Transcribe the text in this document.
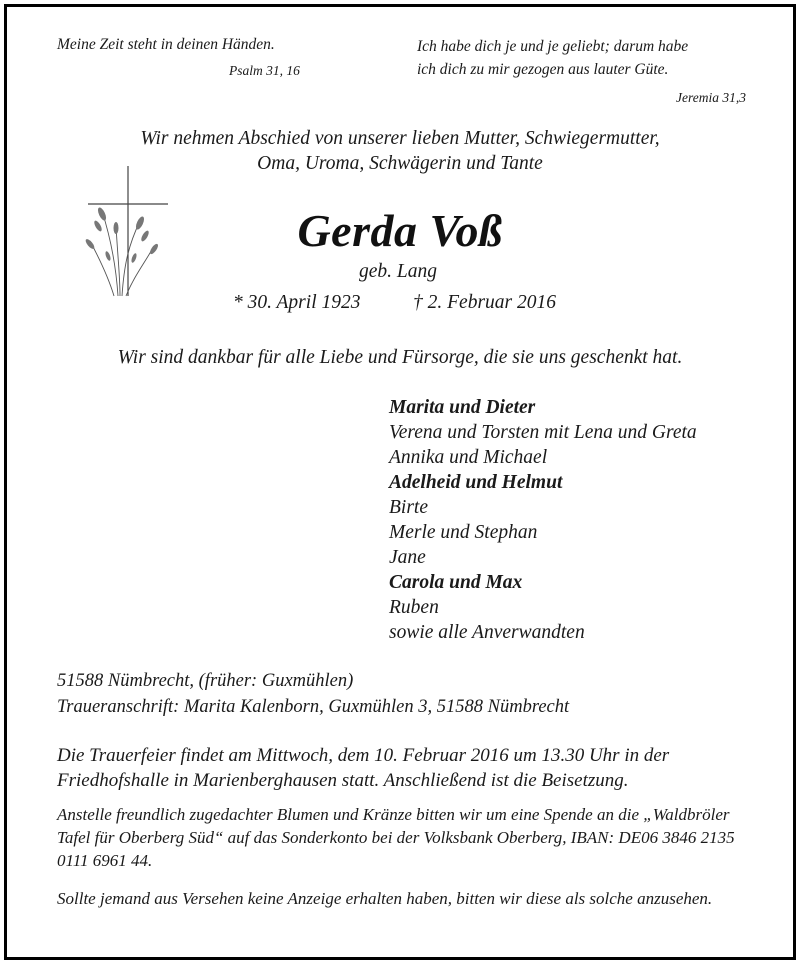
Meine Zeit steht in deinen Händen.
Psalm 31, 16
Ich habe dich je und je geliebt; darum habe
ich dich zu mir gezogen aus lauter Güte.
Jeremia 31,3
Wir nehmen Abschied von unserer lieben Mutter, Schwiegermutter,
Oma, Uroma, Schwägerin und Tante
Gerda Voß
geb. Lang
* 30. April 1923	† 2. Februar 2016
Wir sind dankbar für alle Liebe und Fürsorge, die sie uns geschenkt hat.
Marita und Dieter
Verena und Torsten mit Lena und Greta
Annika und Michael
Adelheid und Helmut
Birte
Merle und Stephan
Jane
Carola und Max
Ruben
sowie alle Anverwandten
51588 Nümbrecht, (früher: Guxmühlen)
Traueranschrift: Marita Kalenborn, Guxmühlen 3, 51588 Nümbrecht
Die Trauerfeier findet am Mittwoch, dem 10. Februar 2016 um 13.30 Uhr in der Friedhofshalle in Marienberghausen statt. Anschließend ist die Beisetzung.
Anstelle freundlich zugedachter Blumen und Kränze bitten wir um eine Spende an die „Waldbröler Tafel für Oberberg Süd“ auf das Sonderkonto bei der Volksbank Oberberg, IBAN: DE06 3846 2135 0111 6961 44.
Sollte jemand aus Versehen keine Anzeige erhalten haben, bitten wir diese als solche anzusehen.
